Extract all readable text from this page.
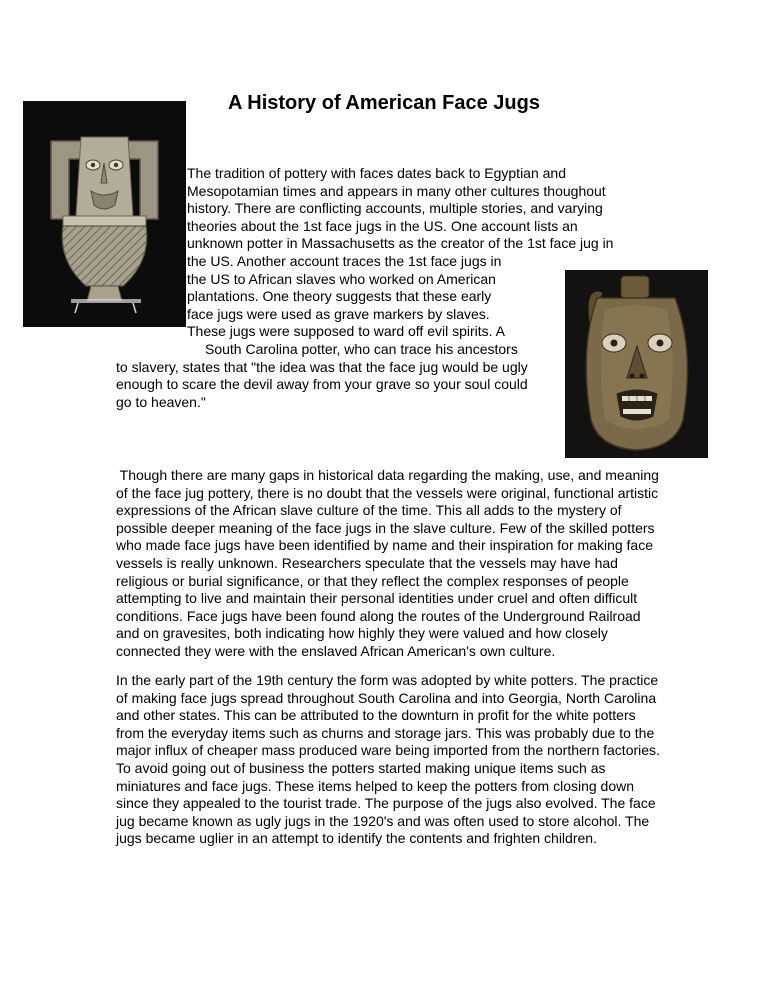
A History of American Face Jugs
The tradition of pottery with faces dates back to Egyptian and
Mesopotamian times and appears in many other cultures thoughout
history. There are conflicting accounts, multiple stories, and varying
theories about the 1st face jugs in the US. One account lists an
unknown potter in Massachusetts as the creator of the 1st face jug in
the US. Another account traces the 1st face jugs in
the US to African slaves who worked on American
plantations. One theory suggests that these early
face jugs were used as grave markers by slaves.
These jugs were supposed to ward off evil spirits. A
South Carolina potter, who can trace his ancestors
to slavery, states that "the idea was that the face jug would be ugly
enough to scare the devil away from your grave so your soul could
go to heaven."
Though there are many gaps in historical data regarding the making, use, and meaning
of the face jug pottery, there is no doubt that the vessels were original, functional artistic
expressions of the African slave culture of the time. This all adds to the mystery of
possible deeper meaning of the face jugs in the slave culture. Few of the skilled potters
who made face jugs have been identified by name and their inspiration for making face
vessels is really unknown. Researchers speculate that the vessels may have had
religious or burial significance, or that they reflect the complex responses of people
attempting to live and maintain their personal identities under cruel and often difficult
conditions. Face jugs have been found along the routes of the Underground Railroad
and on gravesites, both indicating how highly they were valued and how closely
connected they were with the enslaved African American's own culture.
In the early part of the 19th century the form was adopted by white potters. The practice
of making face jugs spread throughout South Carolina and into Georgia, North Carolina
and other states. This can be attributed to the downturn in profit for the white potters
from the everyday items such as churns and storage jars. This was probably due to the
major influx of cheaper mass produced ware being imported from the northern factories.
To avoid going out of business the potters started making unique items such as
miniatures and face jugs. These items helped to keep the potters from closing down
since they appealed to the tourist trade. The purpose of the jugs also evolved. The face
jug became known as ugly jugs in the 1920's and was often used to store alcohol. The
jugs became uglier in an attempt to identify the contents and frighten children.
